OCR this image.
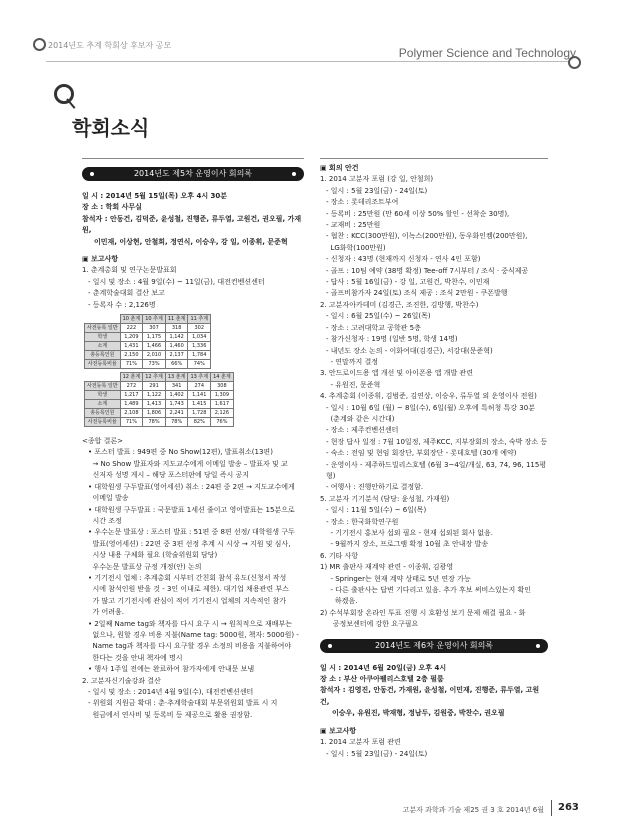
2014년도 추계 학회상 후보자 공모
Polymer Science and Technology
학회소식
2014년도 제5차 운영이사 회의록
일 시 : 2014년 5월 15일(목) 오후 4시 30분
장 소 : 학회 사무실
참석자 : 안동건, 김덕준, 윤성철, 진행준, 류두열, 고원건, 권오필, 가재원,
이민재, 이상현, 안철희, 정연식, 이승우, 강 일, 이종휘, 문준혁
▣ 보고사항
1. 춘계총회 및 연구논문발표회
- 일시 및 장소 : 4월 9일(수) ~ 11일(금), 대전컨벤션센터
- 춘계학술대회 결산 보고
- 등록자 수 : 2,126명
	10 춘계	10 추계	11 춘계	11 추계
사전등록 일반	222	307	318	302
학생	1,209	1,175	1,142	1,034
소계	1,431	1,466	1,460	1,336
총등록인원	2,150	2,010	2,137	1,784
사전등록비율	71%	73%	66%	74%
	12 춘계	12 추계	13 춘계	13 추계	14 춘계
사전등록 일반	272	291	341	274	308
학생	1,217	1,122	1,402	1,141	1,309
소계	1,489	1,413	1,743	1,415	1,617
총등록인원	2,108	1,806	2,241	1,728	2,126
사전등록비율	71%	78%	78%	82%	76%
<종합 결론>
• 포스터 발표 : 949편 중 No Show(12편), 발표취소(13편)
→ No Show 발표자와 지도교수에게 이메일 발송 – 발표자 및 교
신저자 성명 게시 – 해당 포스터판에 당일 즉시 공지
• 대학원생 구두발표(영어세션) 취소 : 24편 중 2편 → 지도교수에게
이메일 발송
• 대학원생 구두발표 : 국문발표 1세션 줄이고 영어발표는 15분으로
시간 조정
• 우수논문 발표상 : 포스터 발표 : 51편 중 8편 선정/ 대학원생 구두
발표(영어세션) : 22편 중 3편 선정 추계 시 시상 → 지원 및 심사,
시상 내용 구체화 필요 (학술위원회 담당)
우수논문 발표상 규정 개정(안) 논의
• 기기전시 업체 : 추계총회 시부터 간친회 참석 유도(신청서 작성
시에 참석인원 받을 것 - 3인 이내로 제한). 대기업 채용관련 부스
가 많고 기기전시에 관심이 적어 기기전시 업체의 지속적인 참가
가 어려움.
• 2일째 Name tag와 책자를 다시 요구 시 → 원칙적으로 재배부는
없으나, 원할 경우 비용 지불(Name tag: 5000원, 책자: 5000원) -
Name tag과 책자를 다시 요구할 경우 소정의 비용을 지불하여야
한다는 것을 안내 책자에 명시
• 행사 1주일 전에는 완료하여 참가자에게 안내문 보냄
2. 고분자신기술강좌 결산
- 일시 및 장소 : 2014년 4월 9일(수), 대전컨벤션센터
- 위원회 지원금 확대 : 춘·추계학술대회 부문위원회 발표 시 지
원금에서 연사비 및 등록비 등 제공으로 활용 권장함.
▣ 회의 안건
1. 2014 고분자 포럼 (강 일, 안철희)
- 일시 : 5월 23일(금) - 24일(토)
- 장소 : 롯데리조트부여
- 등록비 : 25만원 (만 60세 이상 50% 할인 - 선착순 30명),
- 교재비 : 25만원
- 협찬 : KCC(300만원), 이녹스(200만원), 동우화인켐(200만원),
LG화학(100만원)
- 신청자 : 43명 (현재까지 신청자 - 연사 4인 포함)
- 골프 : 10팀 예약 (38명 확정) Tee-off 7시부터 / 조식 · 중식제공
- 답사 : 5월 16일(금) - 강 일, 고원건, 박찬수, 이민재
- 골프비참가자 24일(토) 조식 제공 : 조식 2만원 - 쿠폰발행
2. 고분자아카데미 (김경근, 조진한, 김방행, 박찬수)
- 일시 : 6월 25일(수) ~ 26일(목)
- 장소 : 고려대학교 공학관 5층
- 참가신청자 : 19명 (일반 5명, 학생 14명)
- 내년도 장소 논의 - 이화여대(김경근), 서강대(문준혁)
- 연말까지 결정
3. 안드로이드용 앱 개선 및 아이폰용 앱 개발 관련
- 유원진, 문준혁
4. 추계총회 (이종휘, 김범준, 김연상, 이승우, 류두열 외 운영이사 전원)
- 일시 : 10월 6일 (월) ~ 8일(수), 6일(월) 오후에 특허청 특강 30분
(춘계와 같은 시간대)
- 장소 : 제주컨벤션센터
- 현장 답사 일정 : 7월 10일정, 제주KCC, 지부장회의 장소, 숙박 장소 등
- 숙소 : 전임 및 현임 회장단, 부회장단 - 롯데호텔 (30개 예약)
- 운영이사 - 제주하드빌리스호텔 (6월 3~4일/개실, 63, 74, 96, 115평형)
- 여행사 : 진행안하기로 결정함.
5. 고분자 기기분석 (담당: 윤성철, 가재원)
- 일시 : 11월 5일(수) ~ 6일(목)
- 장소 : 한국화학연구원
- 기기전시 홍보사 섭외 필요 - 현재 섭외된 회사 없음.
- 9월까지 장소, 프로그램 확정 10월 초 안내장 발송
6. 기타 사항
1) MR 출판사 재계약 관련 - 이종휘, 김광영
- Springer는 현재 계약 상태로 5년 연장 가능
- 다른 출판사는 답변 기다리고 있음. 추가 후보 써비스있는지 확인
하겠음.
2) 수석부회장 온라인 투표 진행 시 호환성 보기 문제 해결 필요 - 화
공정보센터에 강한 요구필요
2014년도 제6차 운영이사 회의록
일 시 : 2014년 6월 20일(금) 오후 4시
장 소 : 부산 아쿠아펠리스호텔 2층 펄룸
참석자 : 김영진, 안동건, 가재원, 윤성철, 이민재, 진행준, 류두열, 고원건,
이승우, 유원진, 박재형, 정남두, 김원중, 박찬수, 권오필
▣ 보고사항
1. 2014 고분자 포럼 관련
- 일시 : 5월 23일(금) - 24일(토)
고분자 과학과 기술 제25 권 3 호 2014년 6월 263
